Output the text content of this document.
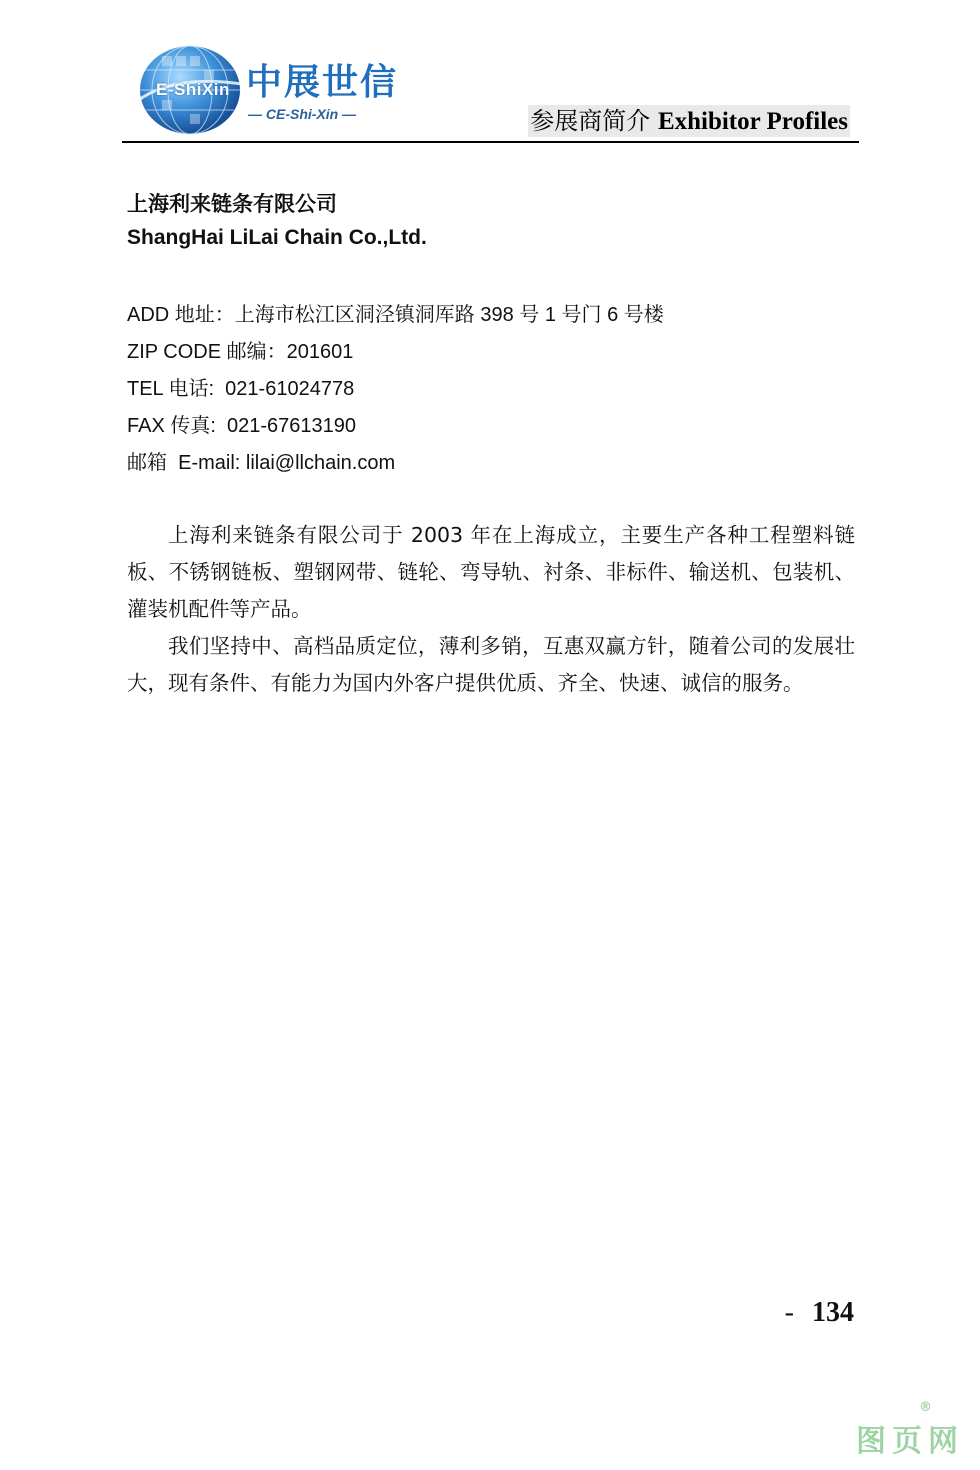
E-ShiXin 中展世信
— CE-Shi-Xin —	参展商简介 Exhibitor Profiles
上海利来链条有限公司
ShangHai LiLai Chain Co.,Ltd.
ADD 地址：上海市松江区洞泾镇洞厍路 398 号 1 号门 6 号楼
ZIP CODE 邮编：201601
TEL 电话:  021-61024778
FAX 传真:  021-67613190
邮箱  E-mail: lilai@llchain.com

上海利来链条有限公司于 2003 年在上海成立，主要生产各种工程塑料链板、不锈钢链板、塑钢网带、链轮、弯导轨、衬条、非标件、输送机、包装机、灌装机配件等产品。

我们坚持中、高档品质定位，薄利多销，互惠双赢方针，随着公司的发展壮大，现有条件、有能力为国内外客户提供优质、齐全、快速、诚信的服务。

- 134
图页网
®
